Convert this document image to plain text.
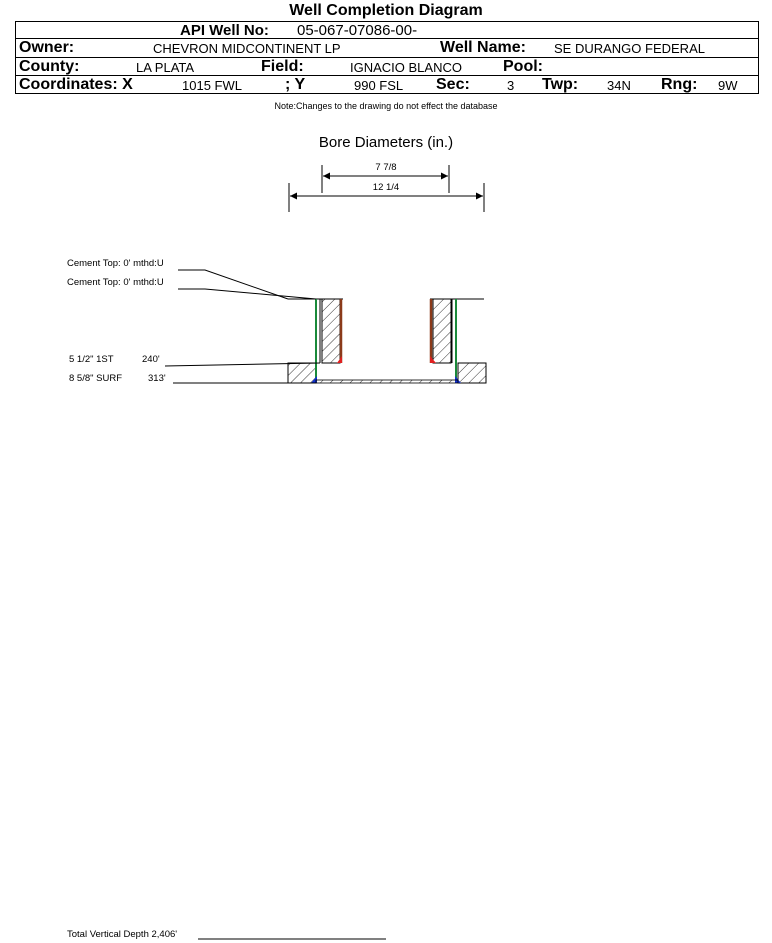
Well Completion Diagram
API Well No: 05-067-07086-00-
Owner:	CHEVRON MIDCONTINENT LP	Well Name: SE DURANGO FEDERAL
County:	LA PLATA	Field:	IGNACIO BLANCO	Pool:
Coordinates: X	1015 FWL	; Y	990 FSL Sec:	3 Twp: 34N Rng: 9W
Note:Changes to the drawing do not effect the database
Bore Diameters (in.)
7 7/8
12 1/4
Cement Top: 0' mthd:U
Cement Top: 0' mthd:U
5 1/2" 1ST	240'
8 5/8" SURF	313'
Total Vertical Depth 2,406'
